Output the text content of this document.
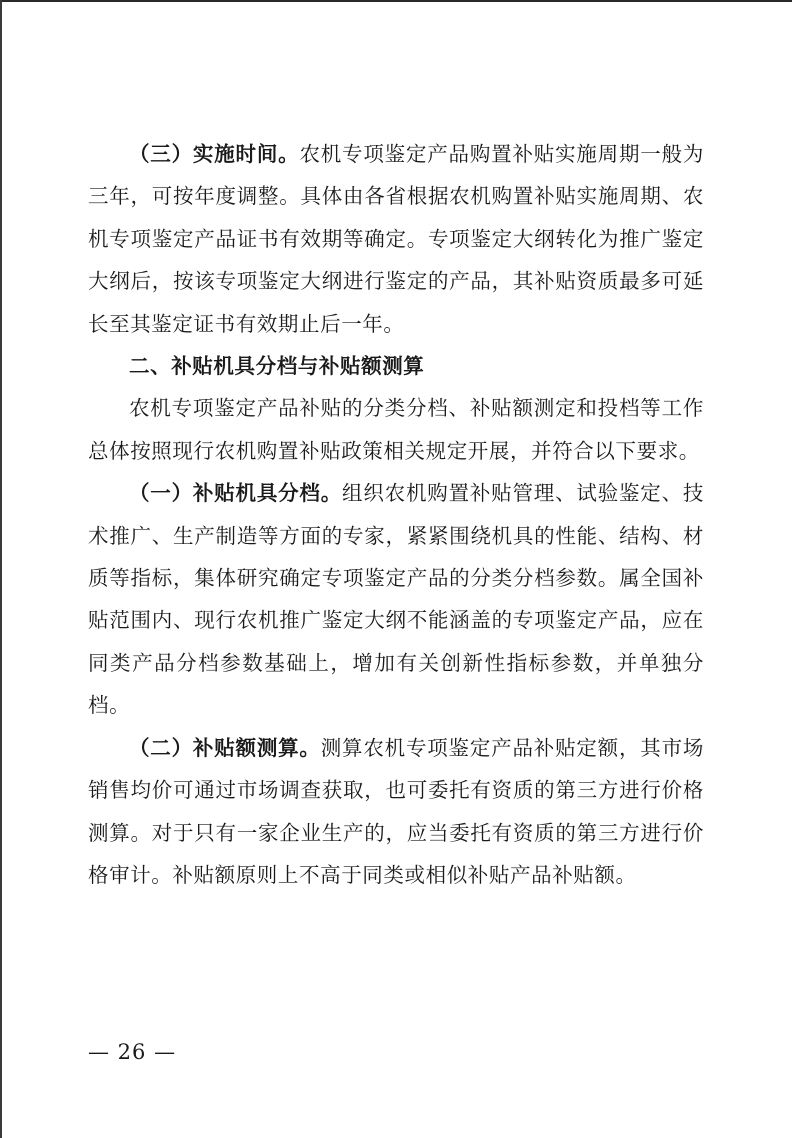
（三）实施时间。农机专项鉴定产品购置补贴实施周期一般为三年，可按年度调整。具体由各省根据农机购置补贴实施周期、农机专项鉴定产品证书有效期等确定。专项鉴定大纲转化为推广鉴定大纲后，按该专项鉴定大纲进行鉴定的产品，其补贴资质最多可延长至其鉴定证书有效期止后一年。

二、补贴机具分档与补贴额测算

农机专项鉴定产品补贴的分类分档、补贴额测定和投档等工作总体按照现行农机购置补贴政策相关规定开展，并符合以下要求。

（一）补贴机具分档。组织农机购置补贴管理、试验鉴定、技术推广、生产制造等方面的专家，紧紧围绕机具的性能、结构、材质等指标，集体研究确定专项鉴定产品的分类分档参数。属全国补贴范围内、现行农机推广鉴定大纲不能涵盖的专项鉴定产品，应在同类产品分档参数基础上，增加有关创新性指标参数，并单独分档。

（二）补贴额测算。测算农机专项鉴定产品补贴定额，其市场销售均价可通过市场调查获取，也可委托有资质的第三方进行价格测算。对于只有一家企业生产的，应当委托有资质的第三方进行价格审计。补贴额原则上不高于同类或相似补贴产品补贴额。

— 26 —
